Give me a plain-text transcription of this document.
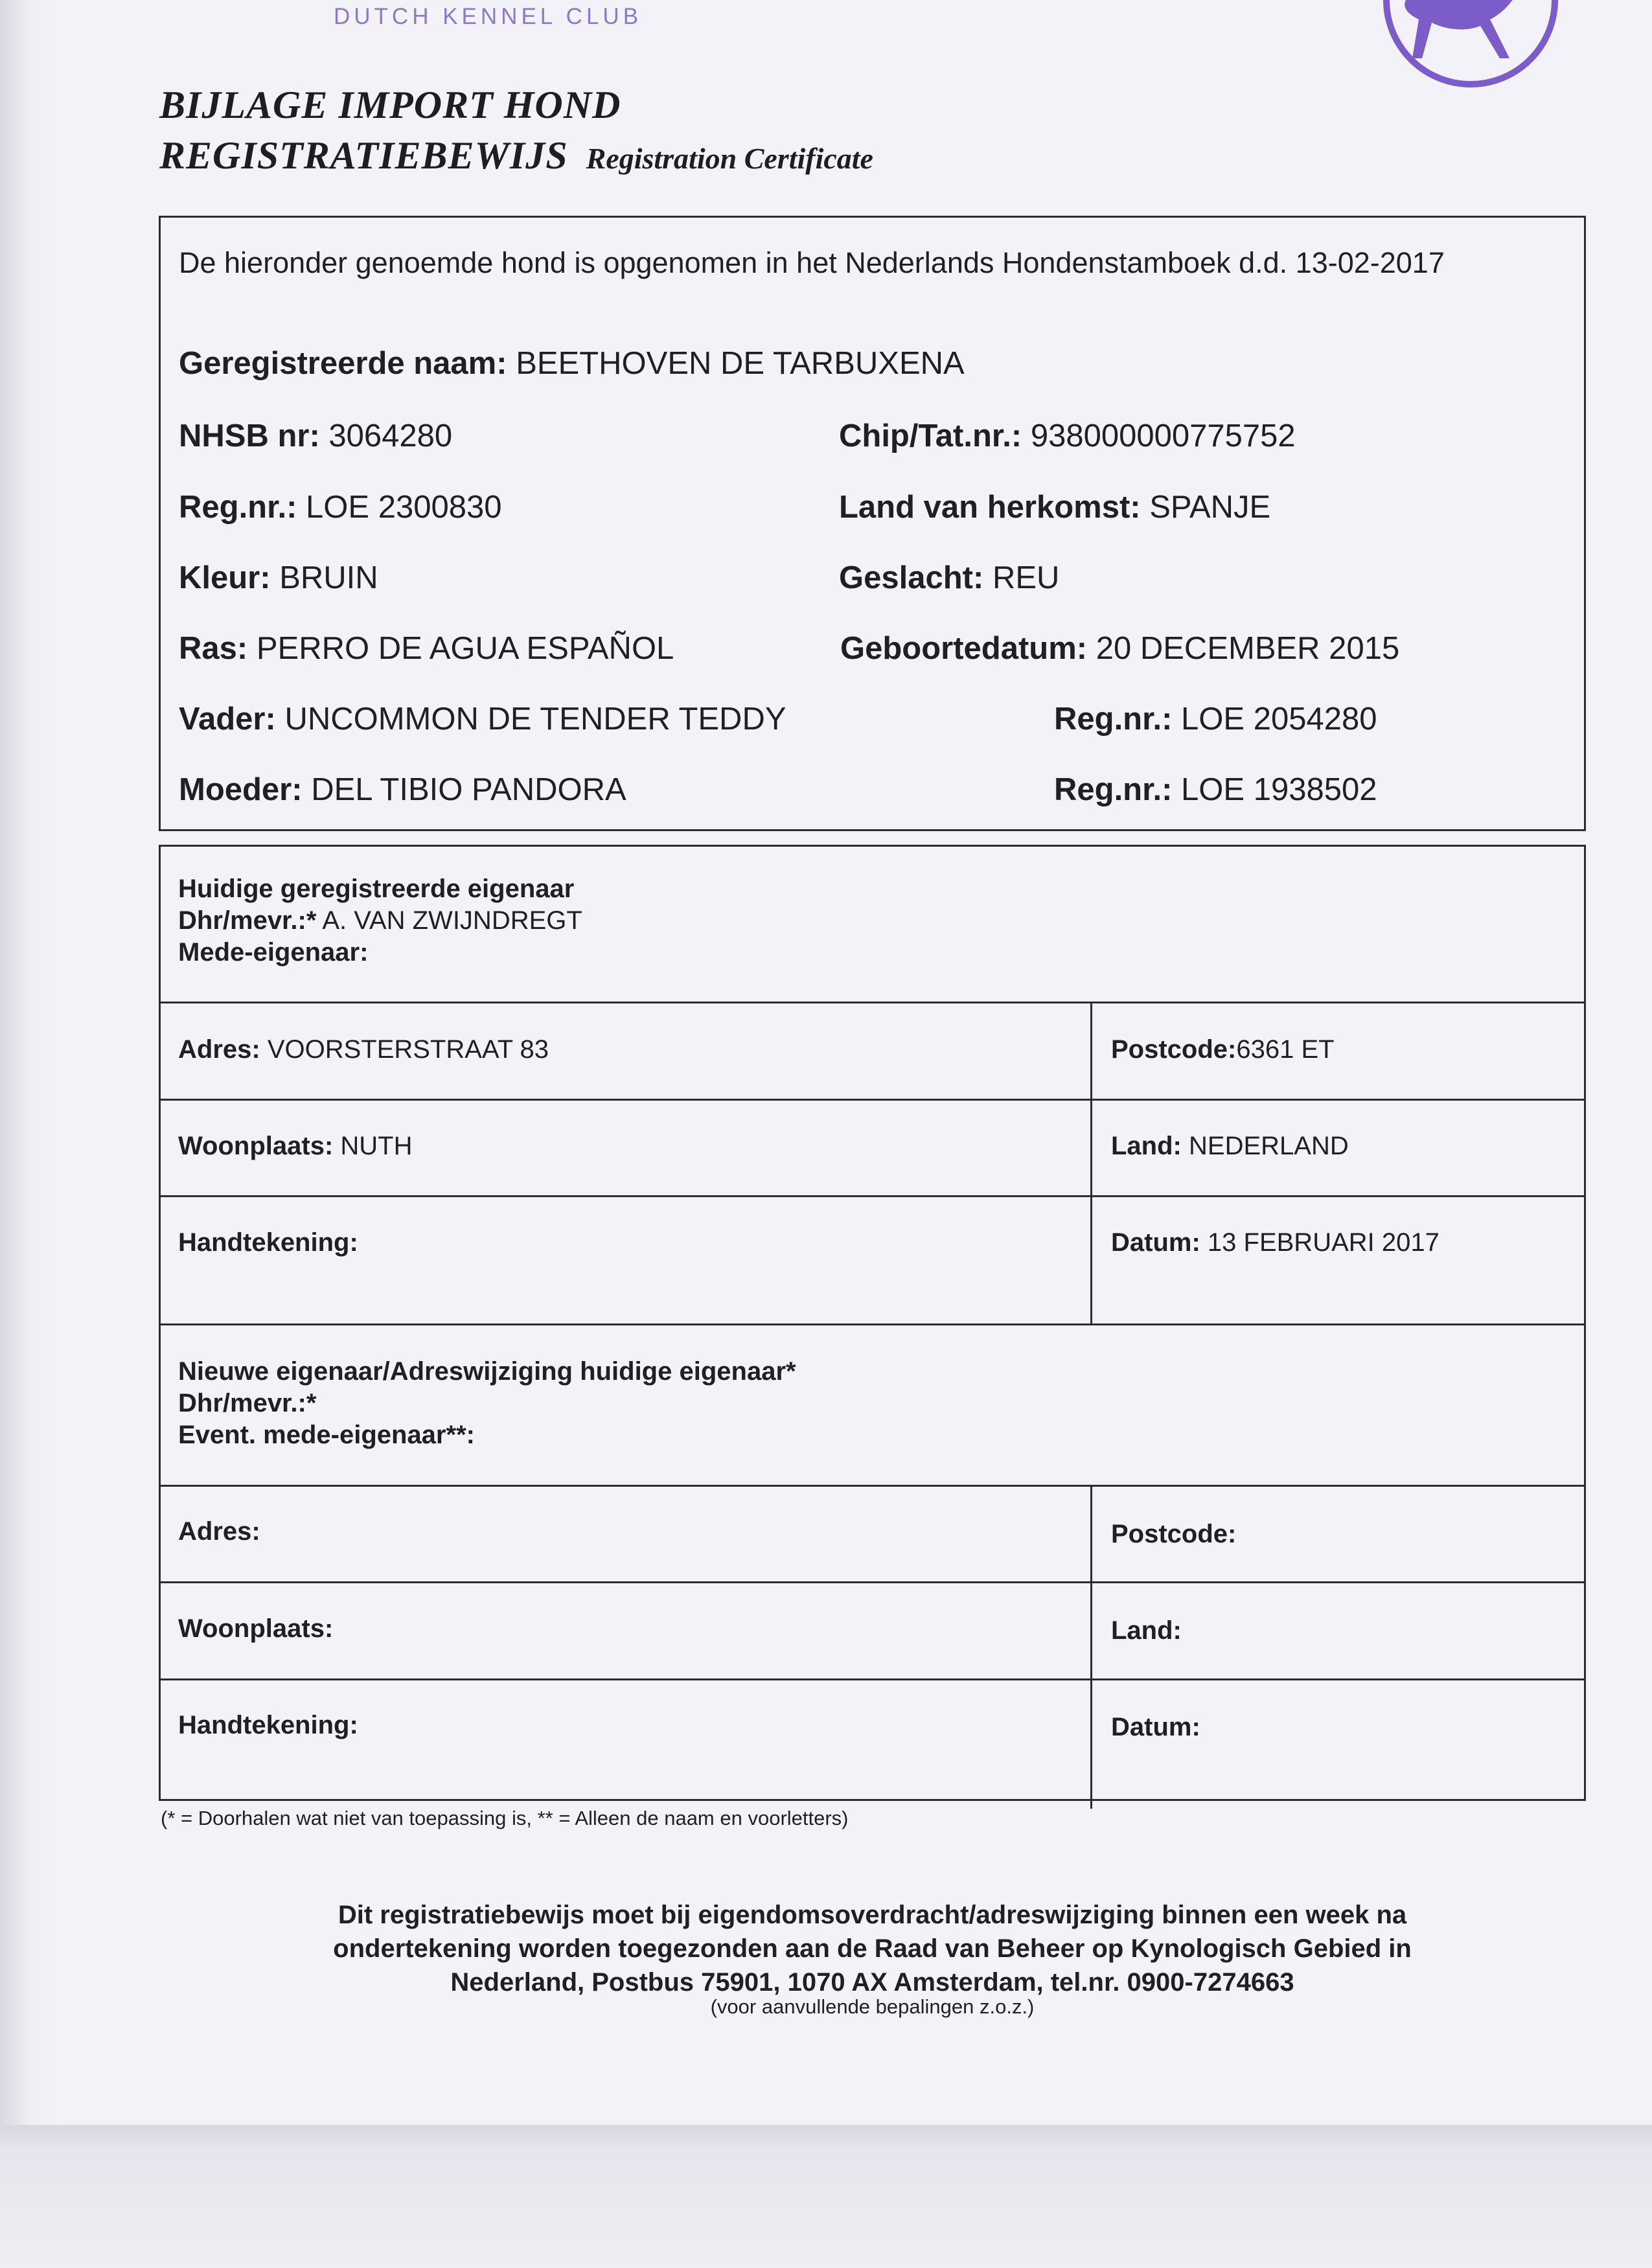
DUTCH KENNEL CLUB
BIJLAGE IMPORT HOND
REGISTRATIEBEWIJS Registration Certificate
De hieronder genoemde hond is opgenomen in het Nederlands Hondenstamboek d.d. 13-02-2017
Geregistreerde naam: BEETHOVEN DE TARBUXENA
NHSB nr: 3064280	Chip/Tat.nr.: 938000000775752
Reg.nr.: LOE 2300830	Land van herkomst: SPANJE
Kleur: BRUIN	Geslacht: REU
Ras: PERRO DE AGUA ESPAÑOL	Geboortedatum: 20 DECEMBER 2015
Vader: UNCOMMON DE TENDER TEDDY	Reg.nr.: LOE 2054280
Moeder: DEL TIBIO PANDORA	Reg.nr.: LOE 1938502
Huidige geregistreerde eigenaar
Dhr/mevr.:* A. VAN ZWIJNDREGT
Mede-eigenaar:
Adres: VOORSTERSTRAAT 83	Postcode:6361 ET
Woonplaats: NUTH	Land: NEDERLAND
Handtekening:	Datum: 13 FEBRUARI 2017
Nieuwe eigenaar/Adreswijziging huidige eigenaar*
Dhr/mevr.:*
Event. mede-eigenaar**:
Adres:	Postcode:
Woonplaats:	Land:
Handtekening:	Datum:
(* = Doorhalen wat niet van toepassing is, ** = Alleen de naam en voorletters)
Dit registratiebewijs moet bij eigendomsoverdracht/adreswijziging binnen een week na
ondertekening worden toegezonden aan de Raad van Beheer op Kynologisch Gebied in
Nederland, Postbus 75901, 1070 AX Amsterdam, tel.nr. 0900-7274663
(voor aanvullende bepalingen z.o.z.)
